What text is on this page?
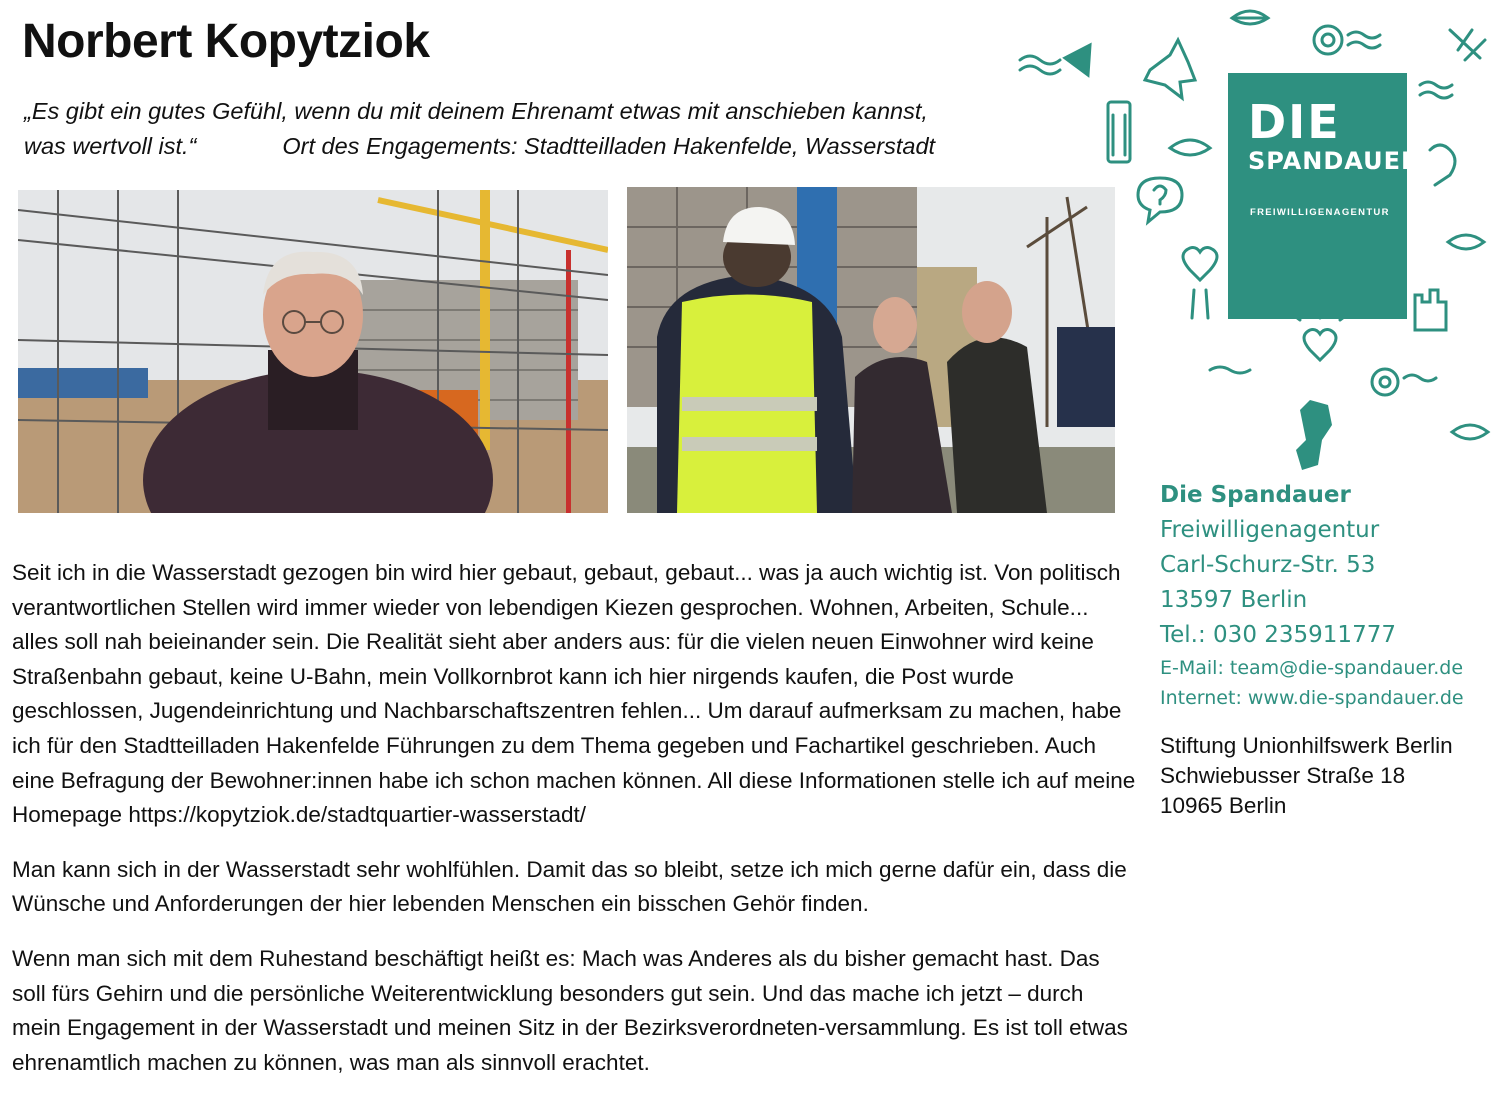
Norbert Kopytziok
„Es gibt ein gutes Gefühl, wenn du mit deinem Ehrenamt etwas mit anschieben kannst,
was wertvoll ist.“	Ort des Engagements: Stadtteilladen Hakenfelde, Wasserstadt

Seit ich in die Wasserstadt gezogen bin wird hier gebaut, gebaut, gebaut... was ja auch wichtig ist. Von politisch verantwortlichen Stellen wird immer wieder von lebendigen Kiezen gesprochen. Wohnen, Arbeiten, Schule... alles soll nah beieinander sein. Die Realität sieht aber anders aus: für die vielen neuen Einwohner wird keine Straßenbahn gebaut, keine U-Bahn, mein Vollkornbrot kann ich hier nirgends kaufen, die Post wurde geschlossen, Jugendeinrichtung und Nachbarschaftszentren fehlen... Um darauf aufmerksam zu machen, habe ich für den Stadtteilladen Hakenfelde Führungen zu dem Thema gegeben und Fachartikel geschrieben. Auch eine Befragung der Bewohner:innen habe ich schon machen können. All diese Informationen stelle ich auf meine Homepage https://kopytziok.de/stadtquartier-wasserstadt/

Man kann sich in der Wasserstadt sehr wohlfühlen. Damit das so bleibt, setze ich mich gerne dafür ein, dass die Wünsche und Anforderungen der hier lebenden Menschen ein bisschen Gehör finden.

Wenn man sich mit dem Ruhestand beschäftigt heißt es: Mach was Anderes als du bisher gemacht hast. Das soll fürs Gehirn und die persönliche Weiterentwicklung besonders gut sein. Und das mache ich jetzt – durch mein Engagement in der Wasserstadt und meinen Sitz in der Bezirksverordneten-versammlung. Es ist toll etwas ehrenamtlich machen zu können, was man als sinnvoll erachtet.

DIE
SPANDAUER
FREIWILLIGENAGENTUR
Die Spandauer
Freiwilligenagentur
Carl-Schurz-Str. 53
13597 Berlin
Tel.: 030 235911777
E-Mail: team@die-spandauer.de
Internet: www.die-spandauer.de
Stiftung Unionhilfswerk Berlin
Schwiebusser Straße 18
10965 Berlin
